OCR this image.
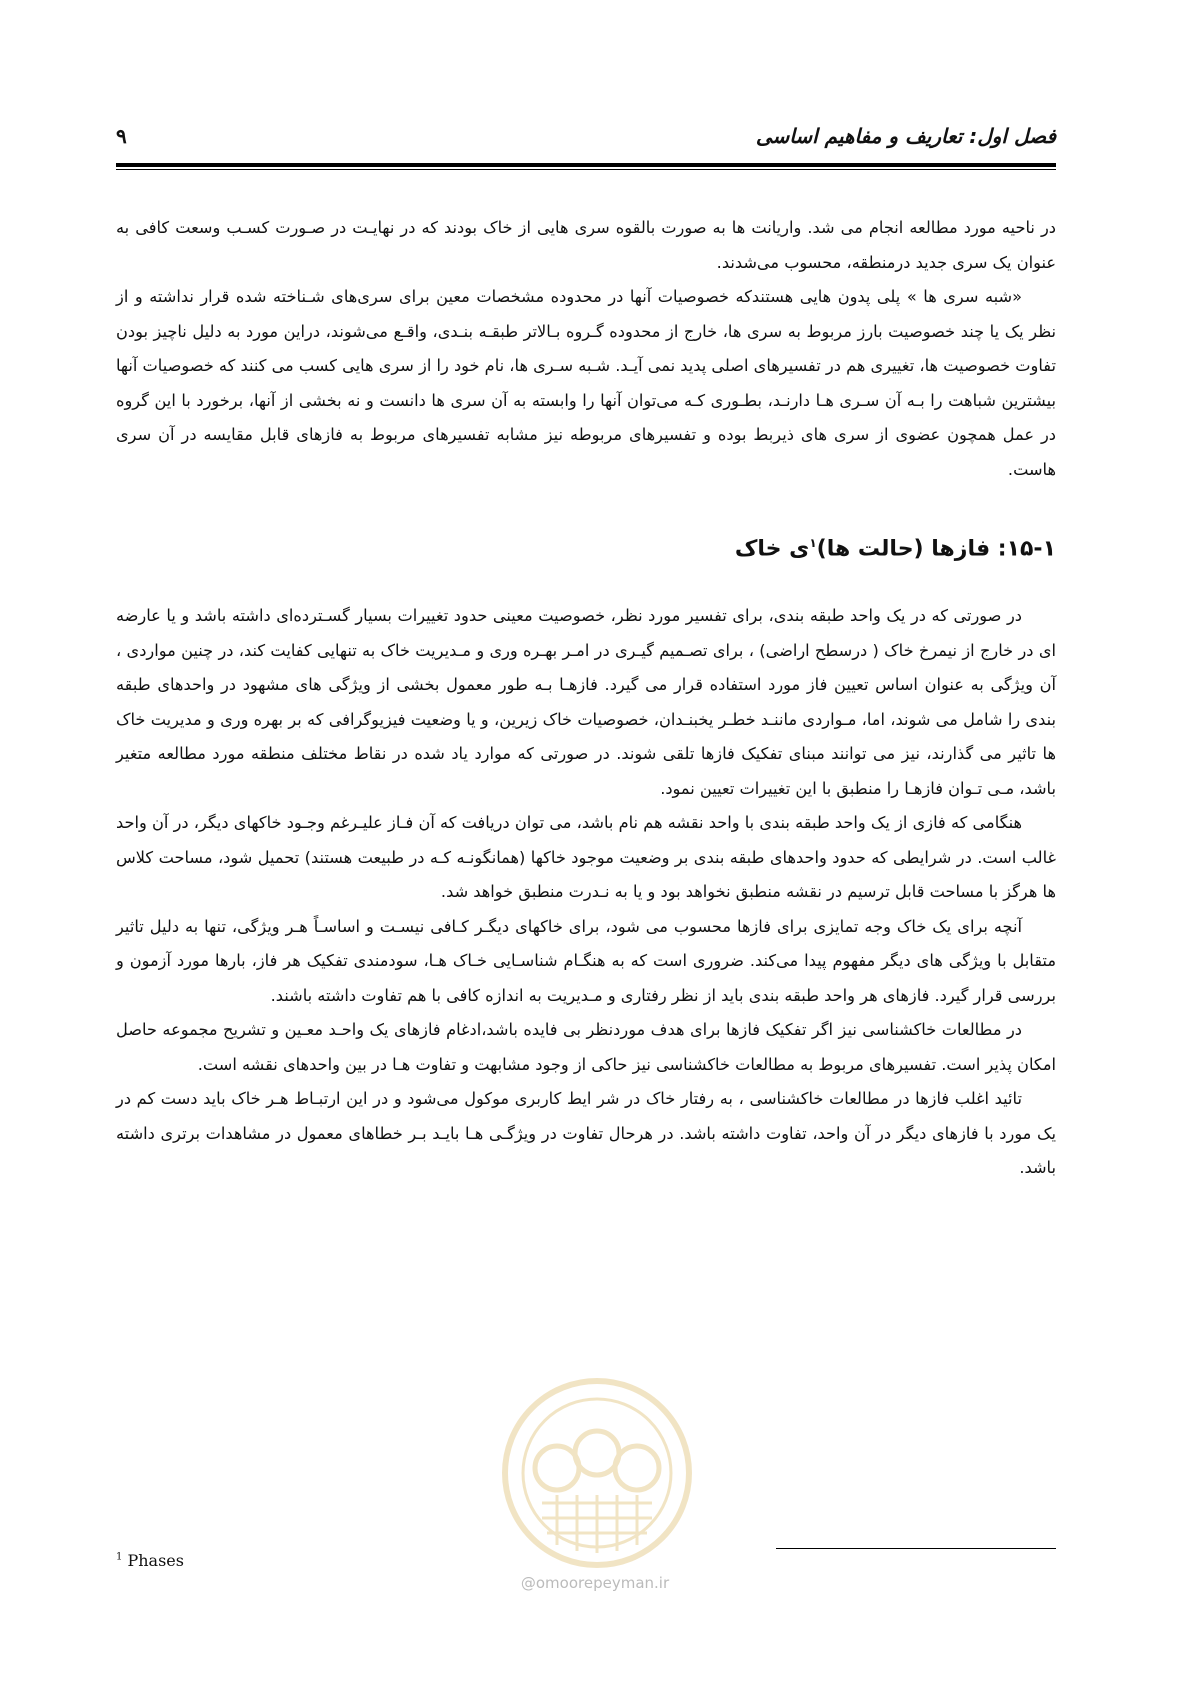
۹	فصل اول: تعاریف و مفاهیم اساسی

در ناحیه مورد مطالعه انجام می شد. واریانت ها به صورت بالقوه سری هایی از خاک بودند که در نهایـت در صـورت کسـب وسعت کافی به عنوان یک سری جدید درمنطقه، محسوب می‌شدند.

«شبه سری ها » پلی پدون هایی هستندکه خصوصیات آنها در محدوده مشخصات معین برای سری‌های شـناخته شده قرار نداشته و از نظر یک یا چند خصوصیت بارز مربوط به سری ها، خارج از محدوده گـروه بـالاتر طبقـه بنـدی، واقـع می‌شوند، دراین مورد به دلیل ناچیز بودن تفاوت خصوصیت ها، تغییری هم در تفسیرهای اصلی پدید نمی آیـد. شـبه سـری ها، نام خود را از سری هایی کسب می کنند که خصوصیات آنها بیشترین شباهت را بـه آن سـری هـا دارنـد، بطـوری کـه می‌توان آنها را وابسته به آن سری ها دانست و نه بخشی از آنها، برخورد با این گروه در عمل همچون عضوی از سری های ذیربط بوده و تفسیرهای مربوطه نیز مشابه تفسیرهای مربوط به فازهای قابل مقایسه در آن سری هاست.

۱۵-۱: فازها (حالت ها)$^۱$ی خاک

در صورتی که در یک واحد طبقه بندی، برای تفسیر مورد نظر، خصوصیت معینی حدود تغییرات بسیار گسـترده‌ای داشته باشد و یا عارضه ای در خارج از نیمرخ خاک ( درسطح اراضی) ، برای تصـمیم گیـری در امـر بهـره وری و مـدیریت خاک به تنهایی کفایت کند، در چنین مواردی ، آن ویژگی به عنوان اساس تعیین فاز مورد استفاده قرار می گیرد. فازهـا بـه طور معمول بخشی از ویژگی های مشهود در واحدهای طبقه بندی را شامل می شوند، اما، مـواردی ماننـد خطـر یخبنـدان، خصوصیات خاک زیرین، و یا وضعیت فیزیوگرافی که بر بهره وری و مدیریت خاک ها تاثیر می گذارند، نیز می توانند مبنای تفکیک فازها تلقی شوند. در صورتی که موارد یاد شده در نقاط مختلف منطقه مورد مطالعه متغیر باشد، مـی تـوان فازهـا را منطبق با این تغییرات تعیین نمود.

هنگامی که فازی از یک واحد طبقه بندی با واحد نقشه هم نام باشد، می توان دریافت که آن فـاز علیـرغم وجـود خاکهای دیگر، در آن واحد غالب است. در شرایطی که حدود واحدهای طبقه بندی بر وضعیت موجود خاکها (همانگونـه کـه در طبیعت هستند) تحمیل شود، مساحت کلاس ها هرگز با مساحت قابل ترسیم در نقشه منطبق نخواهد بود و یا به نـدرت منطبق خواهد شد.

آنچه برای یک خاک وجه تمایزی برای فازها محسوب می شود، برای خاکهای دیگـر کـافی نیسـت و اساسـاً هـر ویژگی، تنها به دلیل تاثیر متقابل با ویژگی های دیگر مفهوم پیدا می‌کند. ضروری است که به هنگـام شناسـایی خـاک هـا، سودمندی تفکیک هر فاز، بارها مورد آزمون و بررسی قرار گیرد. فازهای هر واحد طبقه بندی باید از نظر رفتاری و مـدیریت به اندازه کافی با هم تفاوت داشته باشند.

در مطالعات خاکشناسی نیز اگر تفکیک فازها برای هدف موردنظر بی فایده باشد،ادغام فازهای یک واحـد معـین و تشریح مجموعه حاصل امکان پذیر است. تفسیرهای مربوط به مطالعات خاکشناسی نیز حاکی از وجود مشابهت و تفاوت هـا در بین واحدهای نقشه است.

تائید اغلب فازها در مطالعات خاکشناسی ، به رفتار خاک در شر ایط کاربری موکول می‌شود و در این ارتبـاط هـر خاک باید دست کم در یک مورد با فازهای دیگر در آن واحد، تفاوت داشته باشد. در هرحال تفاوت در ویژگـی هـا بایـد بـر خطاهای معمول در مشاهدات برتری داشته باشد.

@omoorepeyman.ir
$^1$ Phases
